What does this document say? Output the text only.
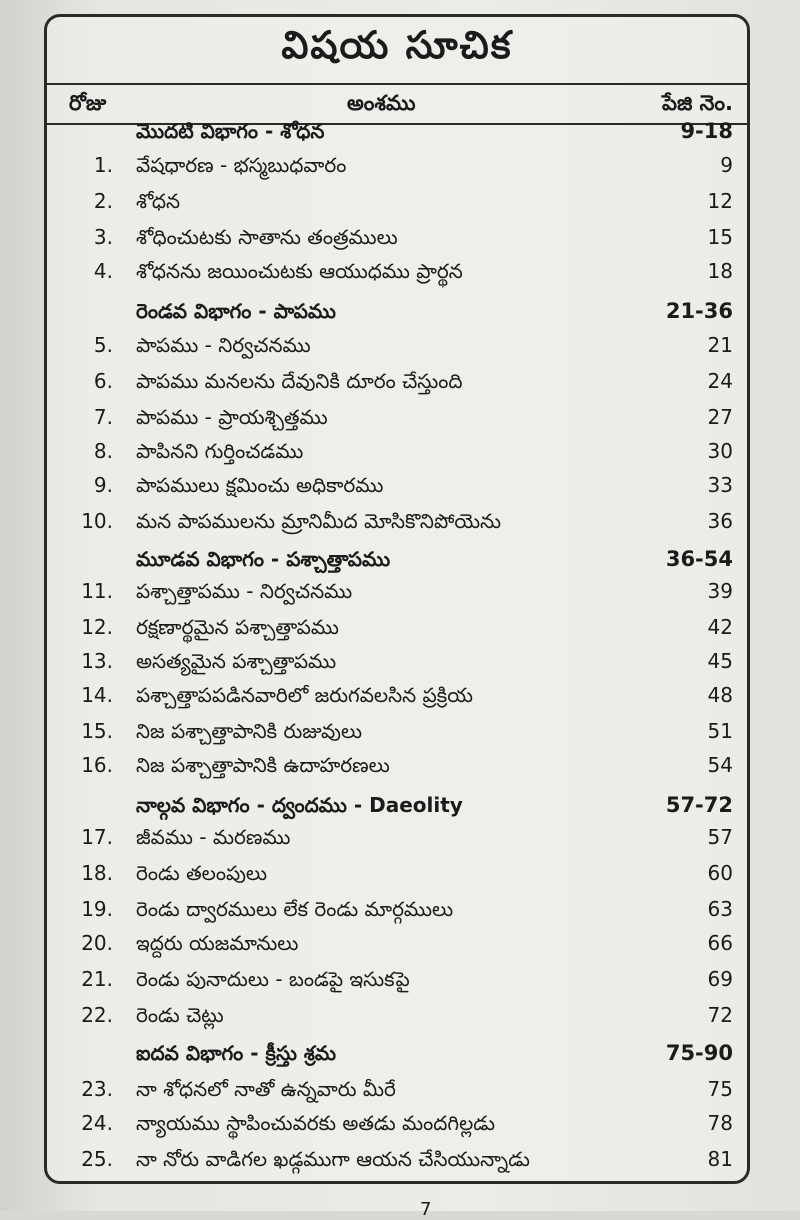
విషయ సూచిక
రోజు	అంశము	పేజి నెం.
మొదటి విభాగం - శోధన	9-18
1. వేషధారణ - భస్మబుధవారం	9
2. శోధన	12
3. శోధించుటకు సాతాను తంత్రములు	15
4. శోధనను జయించుటకు ఆయుధము ప్రార్థన	18
రెండవ విభాగం - పాపము	21-36
5. పాపము - నిర్వచనము	21
6. పాపము మనలను దేవునికి దూరం చేస్తుంది	24
7. పాపము - ప్రాయశ్చిత్తము	27
8. పాపినని గుర్తించడము	30
9. పాపములు క్షమించు అధికారము	33
10. మన పాపములను మ్రానిమీద మోసికొనిపోయెను	36
మూడవ విభాగం - పశ్చాత్తాపము	36-54
11. పశ్చాత్తాపము - నిర్వచనము	39
12. రక్షణార్థమైన పశ్చాత్తాపము	42
13. అసత్యమైన పశ్చాత్తాపము	45
14. పశ్చాత్తాపపడినవారిలో జరుగవలసిన ప్రక్రియ	48
15. నిజ పశ్చాత్తాపానికి రుజువులు	51
16. నిజ పశ్చాత్తాపానికి ఉదాహరణలు	54
నాల్గవ విభాగం - ద్వందము - Daeolity	57-72
17. జీవము - మరణము	57
18. రెండు తలంపులు	60
19. రెండు ద్వారములు లేక రెండు మార్గములు	63
20. ఇద్దరు యజమానులు	66
21. రెండు పునాదులు - బండపై ఇసుకపై	69
22. రెండు చెట్లు	72
ఐదవ విభాగం - క్రీస్తు శ్రమ	75-90
23. నా శోధనలో నాతో ఉన్నవారు మీరే	75
24. న్యాయము స్థాపించువరకు అతడు మందగిల్లడు	78
25. నా నోరు వాడిగల ఖడ్గముగా ఆయన చేసియున్నాడు	81
7
